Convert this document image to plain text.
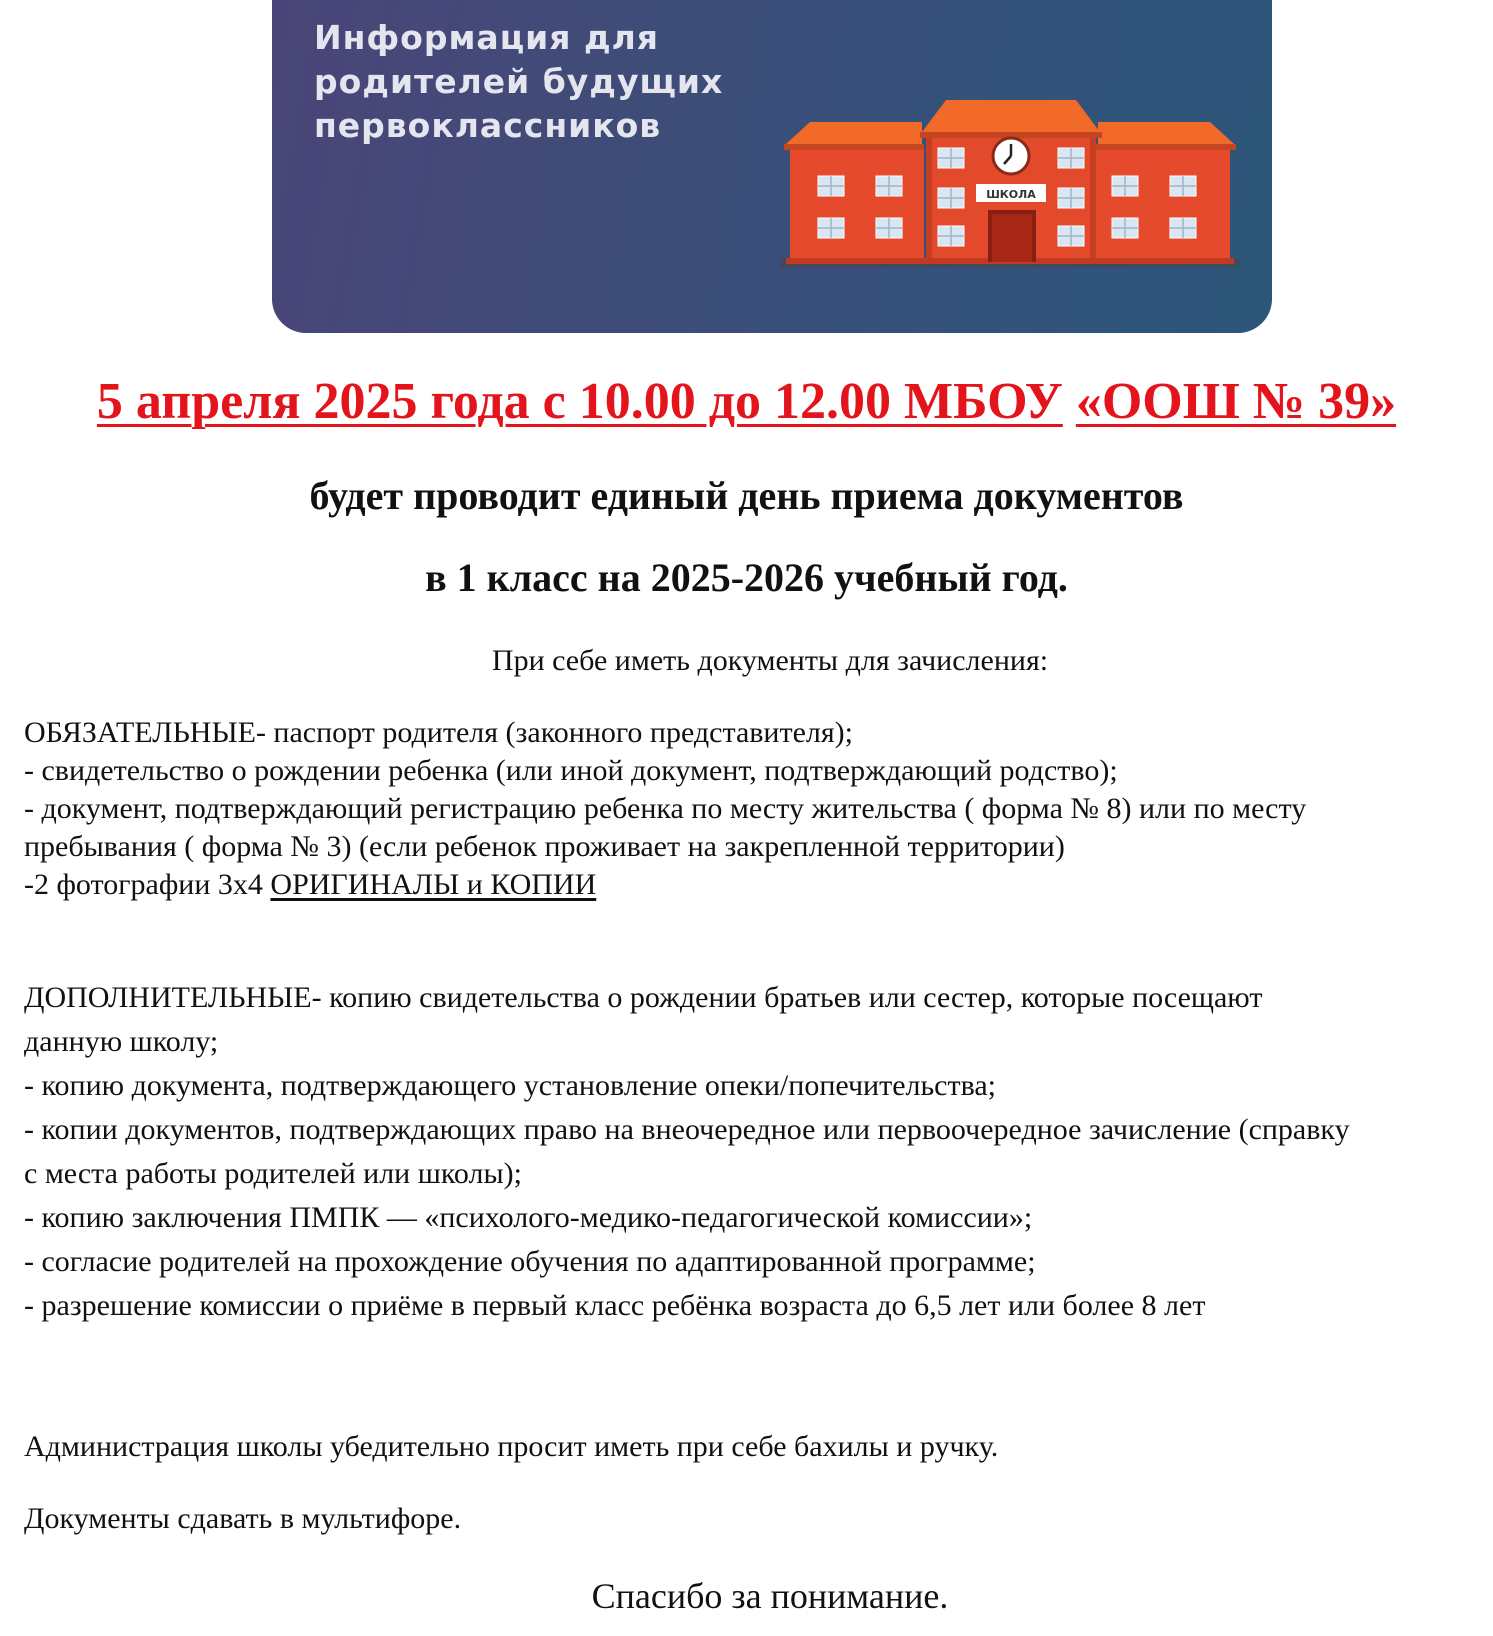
Информация для
родителей будущих
первоклассников
ШКОЛА
5 апреля 2025 года с 10.00 до 12.00 МБОУ «ООШ № 39»
будет проводит единый день приема документов
в 1 класс на 2025-2026 учебный год.
При себе иметь документы для зачисления:
ОБЯЗАТЕЛЬНЫЕ- паспорт родителя (законного представителя);
- свидетельство о рождении ребенка (или иной документ, подтверждающий родство);
- документ, подтверждающий регистрацию ребенка по месту жительства ( форма № 8) или по месту
пребывания ( форма № 3) (если ребенок проживает на закрепленной территории)
-2 фотографии 3х4 ОРИГИНАЛЫ и КОПИИ
ДОПОЛНИТЕЛЬНЫЕ- копию свидетельства о рождении братьев или сестер, которые посещают
данную школу;
- копию документа, подтверждающего установление опеки/попечительства;
- копии документов, подтверждающих право на внеочередное или первоочередное зачисление (справку
с места работы родителей или школы);
- копию заключения ПМПК — «психолого-медико-педагогической комиссии»;
- согласие родителей на прохождение обучения по адаптированной программе;
- разрешение комиссии о приёме в первый класс ребёнка возраста до 6,5 лет или более 8 лет
Администрация школы убедительно просит иметь при себе бахилы и ручку.
Документы сдавать в мультифоре.
Спасибо за понимание.
